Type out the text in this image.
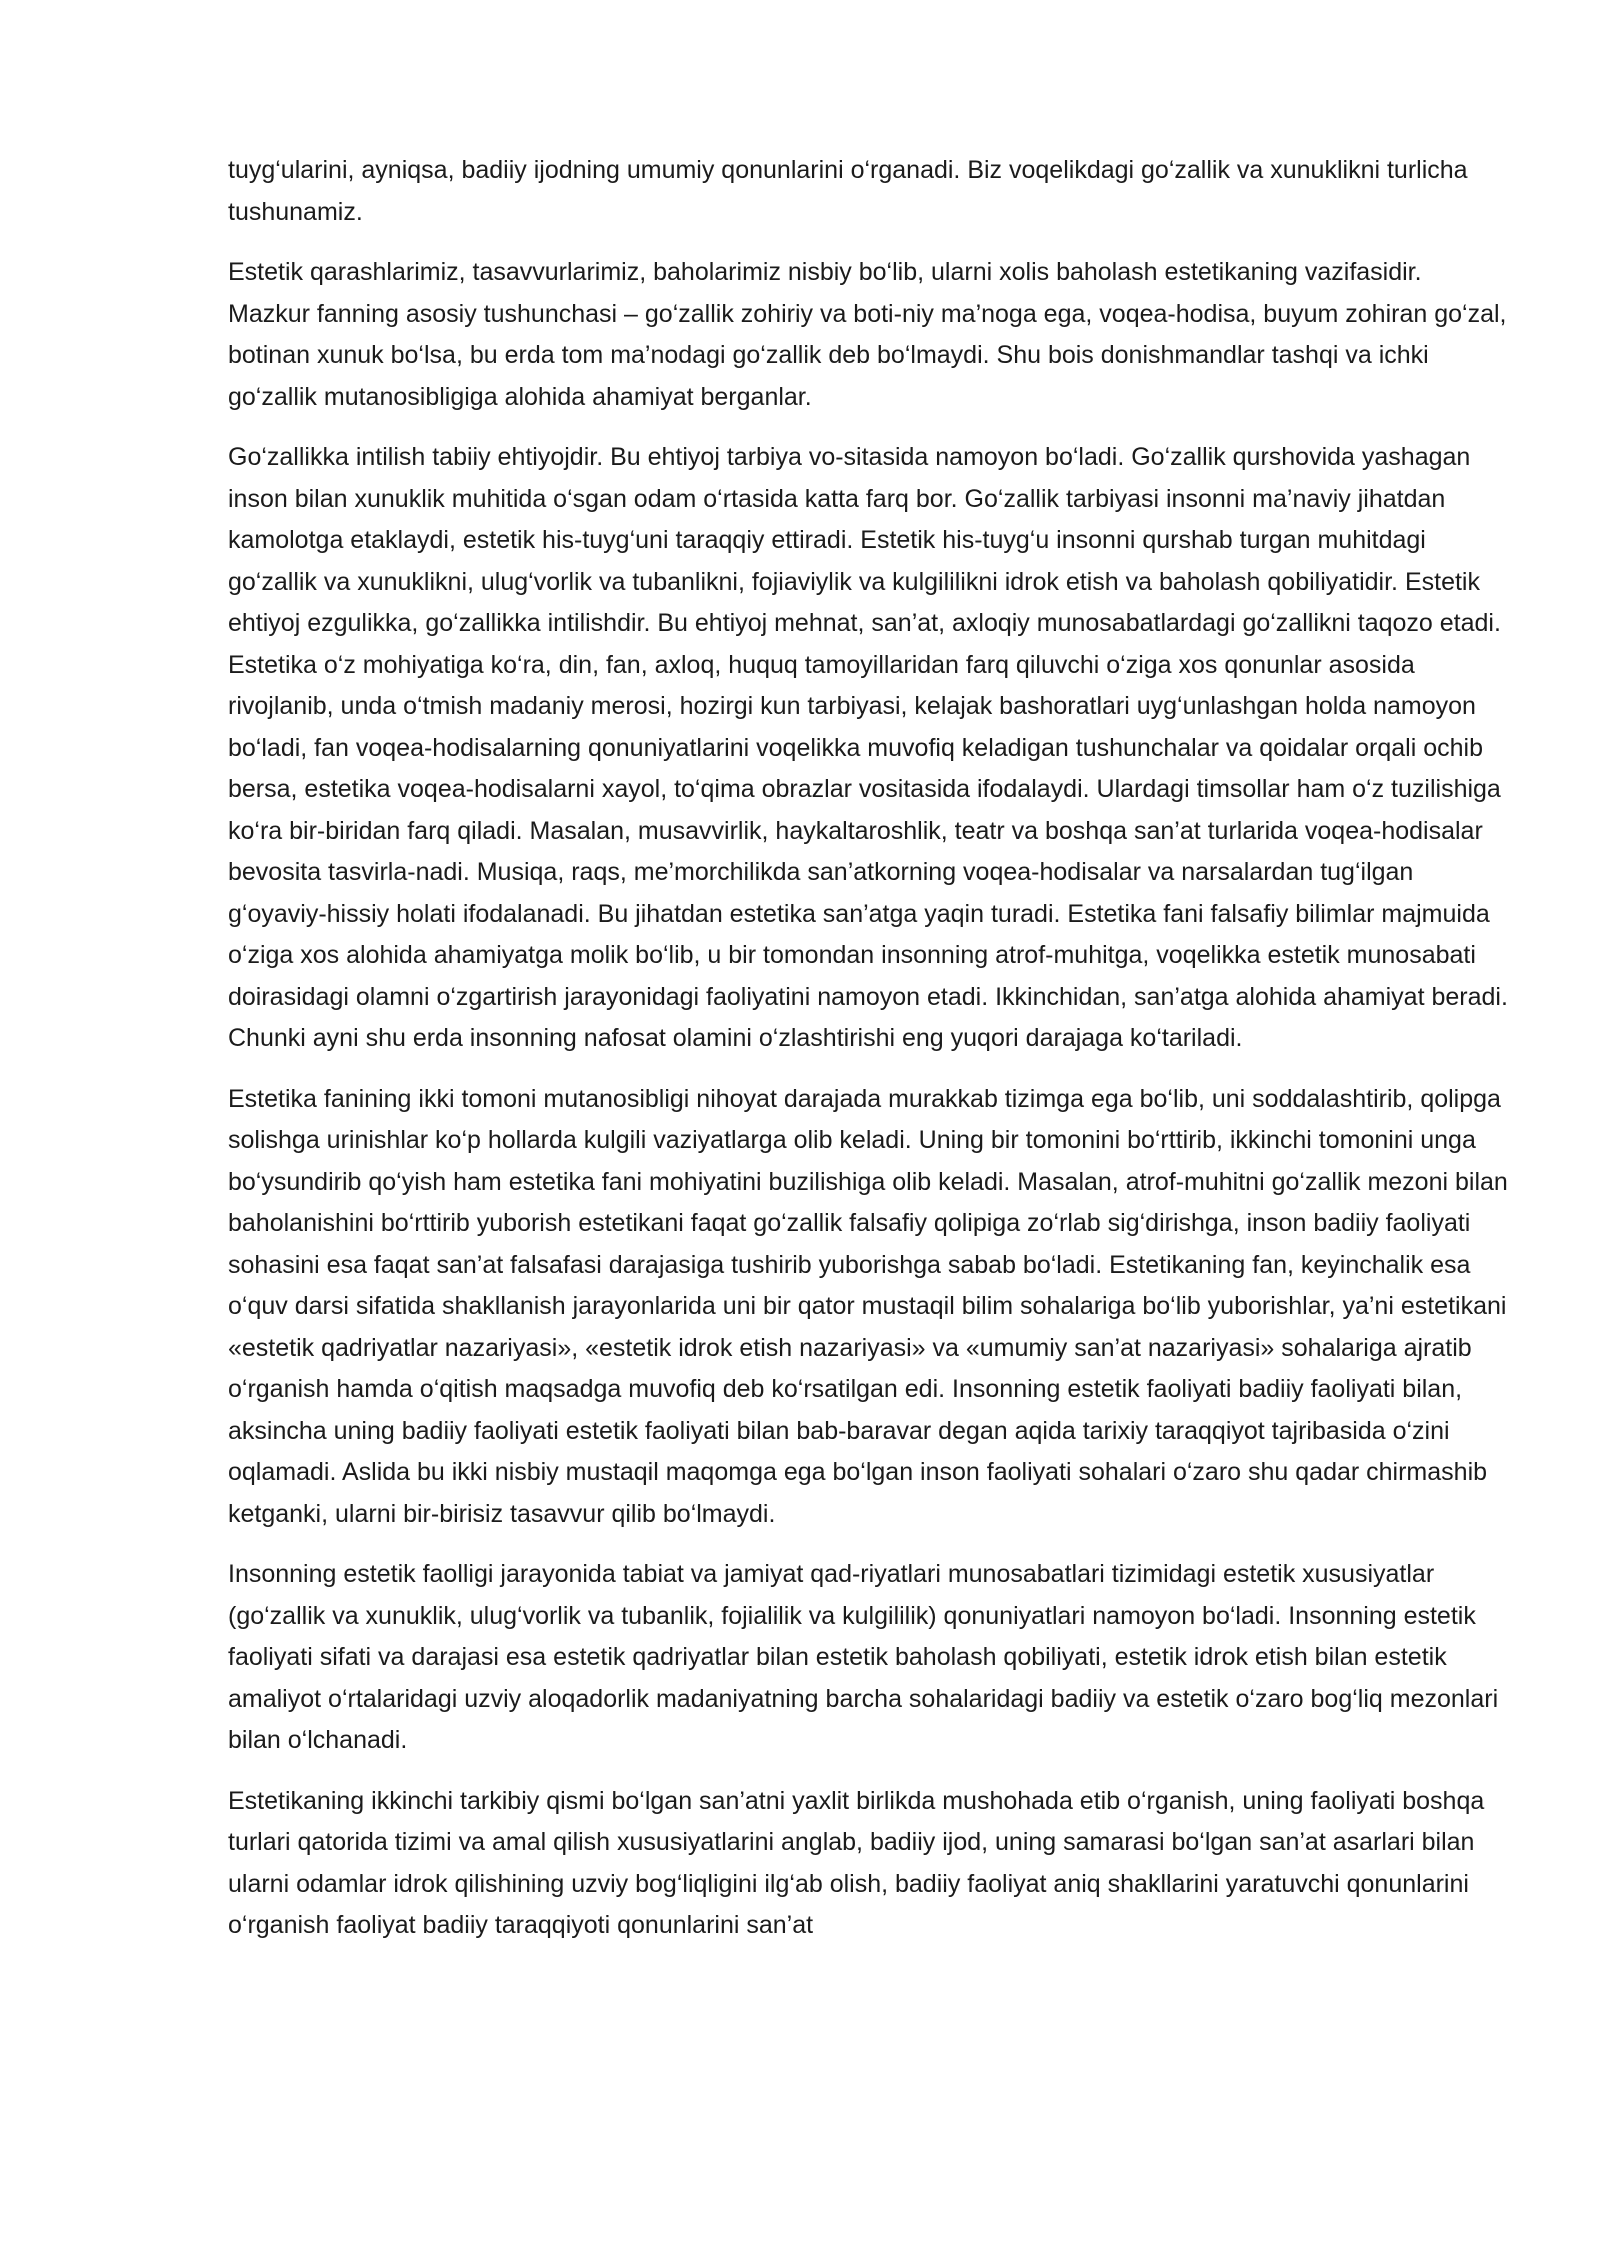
tuyg‘ularini, ayniqsa, badiiy ijodning umumiy qonunlarini o‘rganadi. Biz voqelikdagi go‘zallik va xunuklikni turlicha tushunamiz.

Estetik qarashlarimiz, tasavvurlarimiz, baholarimiz nisbiy bo‘lib, ularni xolis baholash estetikaning vazifasidir. Mazkur fanning asosiy tushunchasi – go‘zallik zohiriy va boti-niy ma’noga ega, voqea-hodisa, buyum zohiran go‘zal, botinan xunuk bo‘lsa, bu erda tom ma’nodagi go‘zallik deb bo‘lmaydi. Shu bois donishmandlar tashqi va ichki go‘zallik mutanosibligiga alohida ahamiyat berganlar.

Go‘zallikka intilish tabiiy ehtiyojdir. Bu ehtiyoj tarbiya vo-sitasida namoyon bo‘ladi. Go‘zallik qurshovida yashagan inson bilan xunuklik muhitida o‘sgan odam o‘rtasida katta farq bor. Go‘zallik tarbiyasi insonni ma’naviy jihatdan kamolotga etaklaydi, estetik his-tuyg‘uni taraqqiy ettiradi. Estetik his-tuyg‘u insonni qurshab turgan muhitdagi go‘zallik va xunuklikni, ulug‘vorlik va tubanlikni, fojiaviylik va kulgililikni idrok etish va baholash qobiliyatidir. Estetik ehtiyoj ezgulikka, go‘zallikka intilishdir. Bu ehtiyoj mehnat, san’at, axloqiy munosabatlardagi go‘zallikni taqozo etadi. Estetika o‘z mohiyatiga ko‘ra, din, fan, axloq, huquq tamoyillaridan farq qiluvchi o‘ziga xos qonunlar asosida rivojlanib, unda o‘tmish madaniy merosi, hozirgi kun tarbiyasi, kelajak bashoratlari uyg‘unlashgan holda namoyon bo‘ladi, fan voqea-hodisalarning qonuniyatlarini voqelikka muvofiq keladigan tushunchalar va qoidalar orqali ochib bersa, estetika voqea-hodisalarni xayol, to‘qima obrazlar vositasida ifodalaydi. Ulardagi timsollar ham o‘z tuzilishiga ko‘ra bir-biridan farq qiladi. Masalan, musavvirlik, haykaltaroshlik, teatr va boshqa san’at turlarida voqea-hodisalar bevosita tasvirla-nadi. Musiqa, raqs, me’morchilikda san’atkorning voqea-hodisalar va narsalardan tug‘ilgan g‘oyaviy-hissiy holati ifodalanadi. Bu jihatdan estetika san’atga yaqin turadi. Estetika fani falsafiy bilimlar majmuida o‘ziga xos alohida ahamiyatga molik bo‘lib, u bir tomondan insonning atrof-muhitga, voqelikka estetik munosabati doirasidagi olamni o‘zgartirish jarayonidagi faoliyatini namoyon etadi. Ikkinchidan, san’atga alohida ahamiyat beradi. Chunki ayni shu erda insonning nafosat olamini o‘zlashtirishi eng yuqori darajaga ko‘tariladi.

Estetika fanining ikki tomoni mutanosibligi nihoyat darajada murakkab tizimga ega bo‘lib, uni soddalashtirib, qolipga solishga urinishlar ko‘p hollarda kulgili vaziyatlarga olib keladi. Uning bir tomonini bo‘rttirib, ikkinchi tomonini unga bo‘ysundirib qo‘yish ham estetika fani mohiyatini buzilishiga olib keladi. Masalan, atrof-muhitni go‘zallik mezoni bilan baholanishini bo‘rttirib yuborish estetikani faqat go‘zallik falsafiy qolipiga zo‘rlab sig‘dirishga, inson badiiy faoliyati sohasini esa faqat san’at falsafasi darajasiga tushirib yuborishga sabab bo‘ladi. Estetikaning fan, keyinchalik esa o‘quv darsi sifatida shakllanish jarayonlarida uni bir qator mustaqil bilim sohalariga bo‘lib yuborishlar, ya’ni estetikani «estetik qadriyatlar nazariyasi», «estetik idrok etish nazariyasi» va «umumiy san’at nazariyasi» sohalariga ajratib o‘rganish hamda o‘qitish maqsadga muvofiq deb ko‘rsatilgan edi. Insonning estetik faoliyati badiiy faoliyati bilan, aksincha uning badiiy faoliyati estetik faoliyati bilan bab-baravar degan aqida tarixiy taraqqiyot tajribasida o‘zini oqlamadi. Aslida bu ikki nisbiy mustaqil maqomga ega bo‘lgan inson faoliyati sohalari o‘zaro shu qadar chirmashib ketganki, ularni bir-birisiz tasavvur qilib bo‘lmaydi.

Insonning estetik faolligi jarayonida tabiat va jamiyat qad-riyatlari munosabatlari tizimidagi estetik xususiyatlar (go‘zallik va xunuklik, ulug‘vorlik va tubanlik, fojialilik va kulgililik) qonuniyatlari namoyon bo‘ladi. Insonning estetik faoliyati sifati va darajasi esa estetik qadriyatlar bilan estetik baholash qobiliyati, estetik idrok etish bilan estetik amaliyot o‘rtalaridagi uzviy aloqadorlik madaniyatning barcha sohalaridagi badiiy va estetik o‘zaro bog‘liq mezonlari bilan o‘lchanadi.

Estetikaning ikkinchi tarkibiy qismi bo‘lgan san’atni yaxlit birlikda mushohada etib o‘rganish, uning faoliyati boshqa turlari qatorida tizimi va amal qilish xususiyatlarini anglab, badiiy ijod, uning samarasi bo‘lgan san’at asarlari bilan ularni odamlar idrok qilishining uzviy bog‘liqligini ilg‘ab olish, badiiy faoliyat aniq shakllarini yaratuvchi qonunlarini o‘rganish faoliyat badiiy taraqqiyoti qonunlarini san’at
